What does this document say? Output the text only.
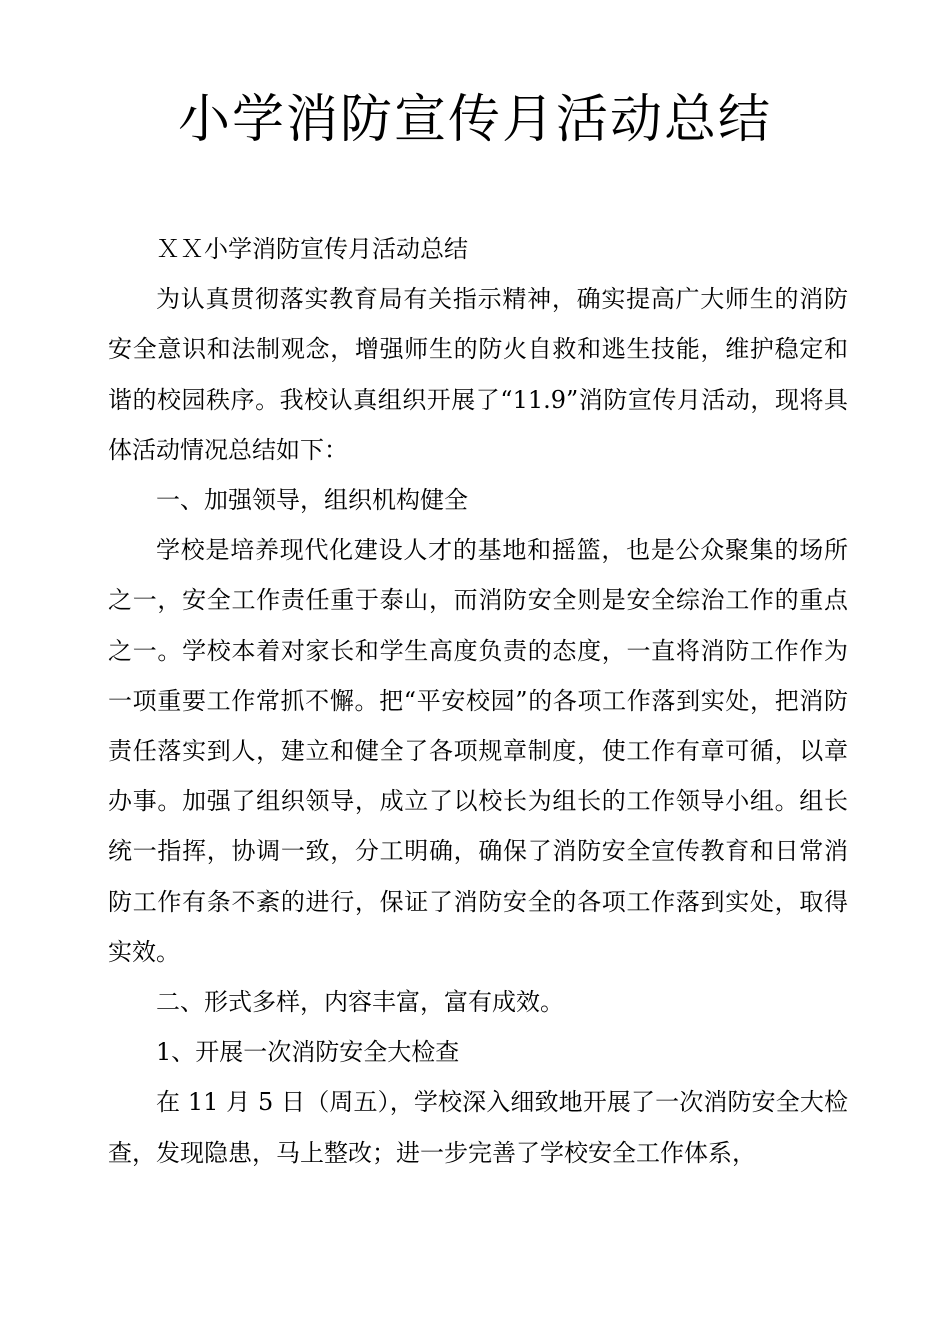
小学消防宣传月活动总结

ＸＸ小学消防宣传月活动总结

为认真贯彻落实教育局有关指示精神，确实提高广大师生的消防安全意识和法制观念，增强师生的防火自救和逃生技能，维护稳定和谐的校园秩序。我校认真组织开展了“11.9”消防宣传月活动，现将具体活动情况总结如下：

一、加强领导，组织机构健全

学校是培养现代化建设人才的基地和摇篮，也是公众聚集的场所之一，安全工作责任重于泰山，而消防安全则是安全综治工作的重点之一。学校本着对家长和学生高度负责的态度，一直将消防工作作为一项重要工作常抓不懈。把“平安校园”的各项工作落到实处，把消防责任落实到人，建立和健全了各项规章制度，使工作有章可循，以章办事。加强了组织领导，成立了以校长为组长的工作领导小组。组长统一指挥，协调一致，分工明确，确保了消防安全宣传教育和日常消防工作有条不紊的进行，保证了消防安全的各项工作落到实处，取得实效。

二、形式多样，内容丰富，富有成效。

1、开展一次消防安全大检查

在 11 月 5 日（周五），学校深入细致地开展了一次消防安全大检查，发现隐患，马上整改；进一步完善了学校安全工作体系，
